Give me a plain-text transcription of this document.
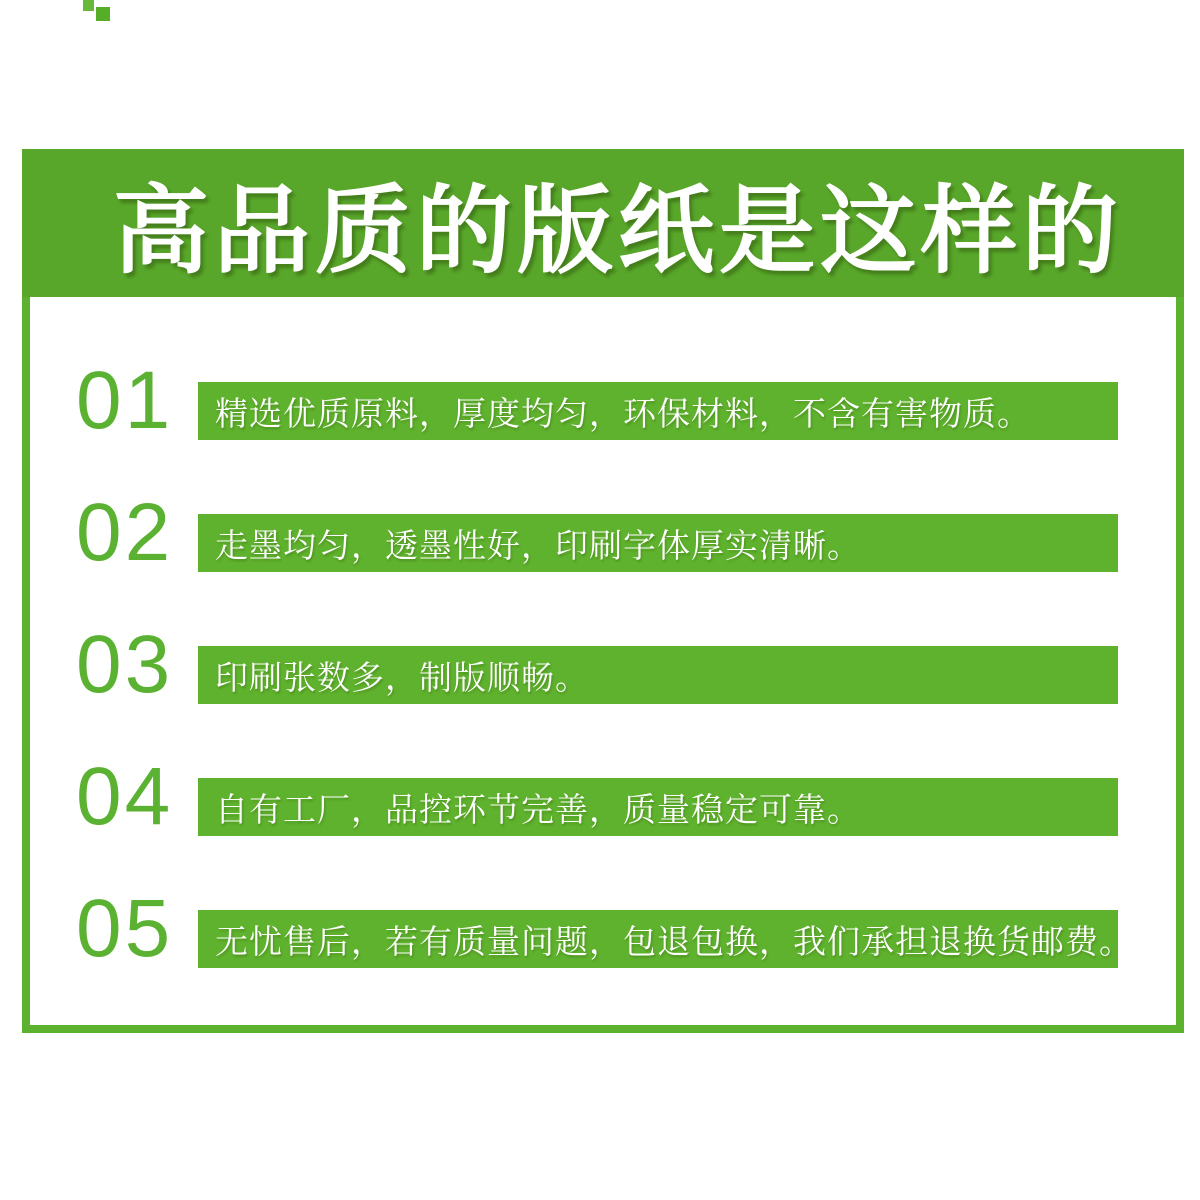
高品质的版纸是这样的
01	精选优质原料，厚度均匀，环保材料，不含有害物质。
02	走墨均匀，透墨性好，印刷字体厚实清晰。
03	印刷张数多，制版顺畅。
04	自有工厂，品控环节完善，质量稳定可靠。
05	无忧售后，若有质量问题，包退包换，我们承担退换货邮费。
